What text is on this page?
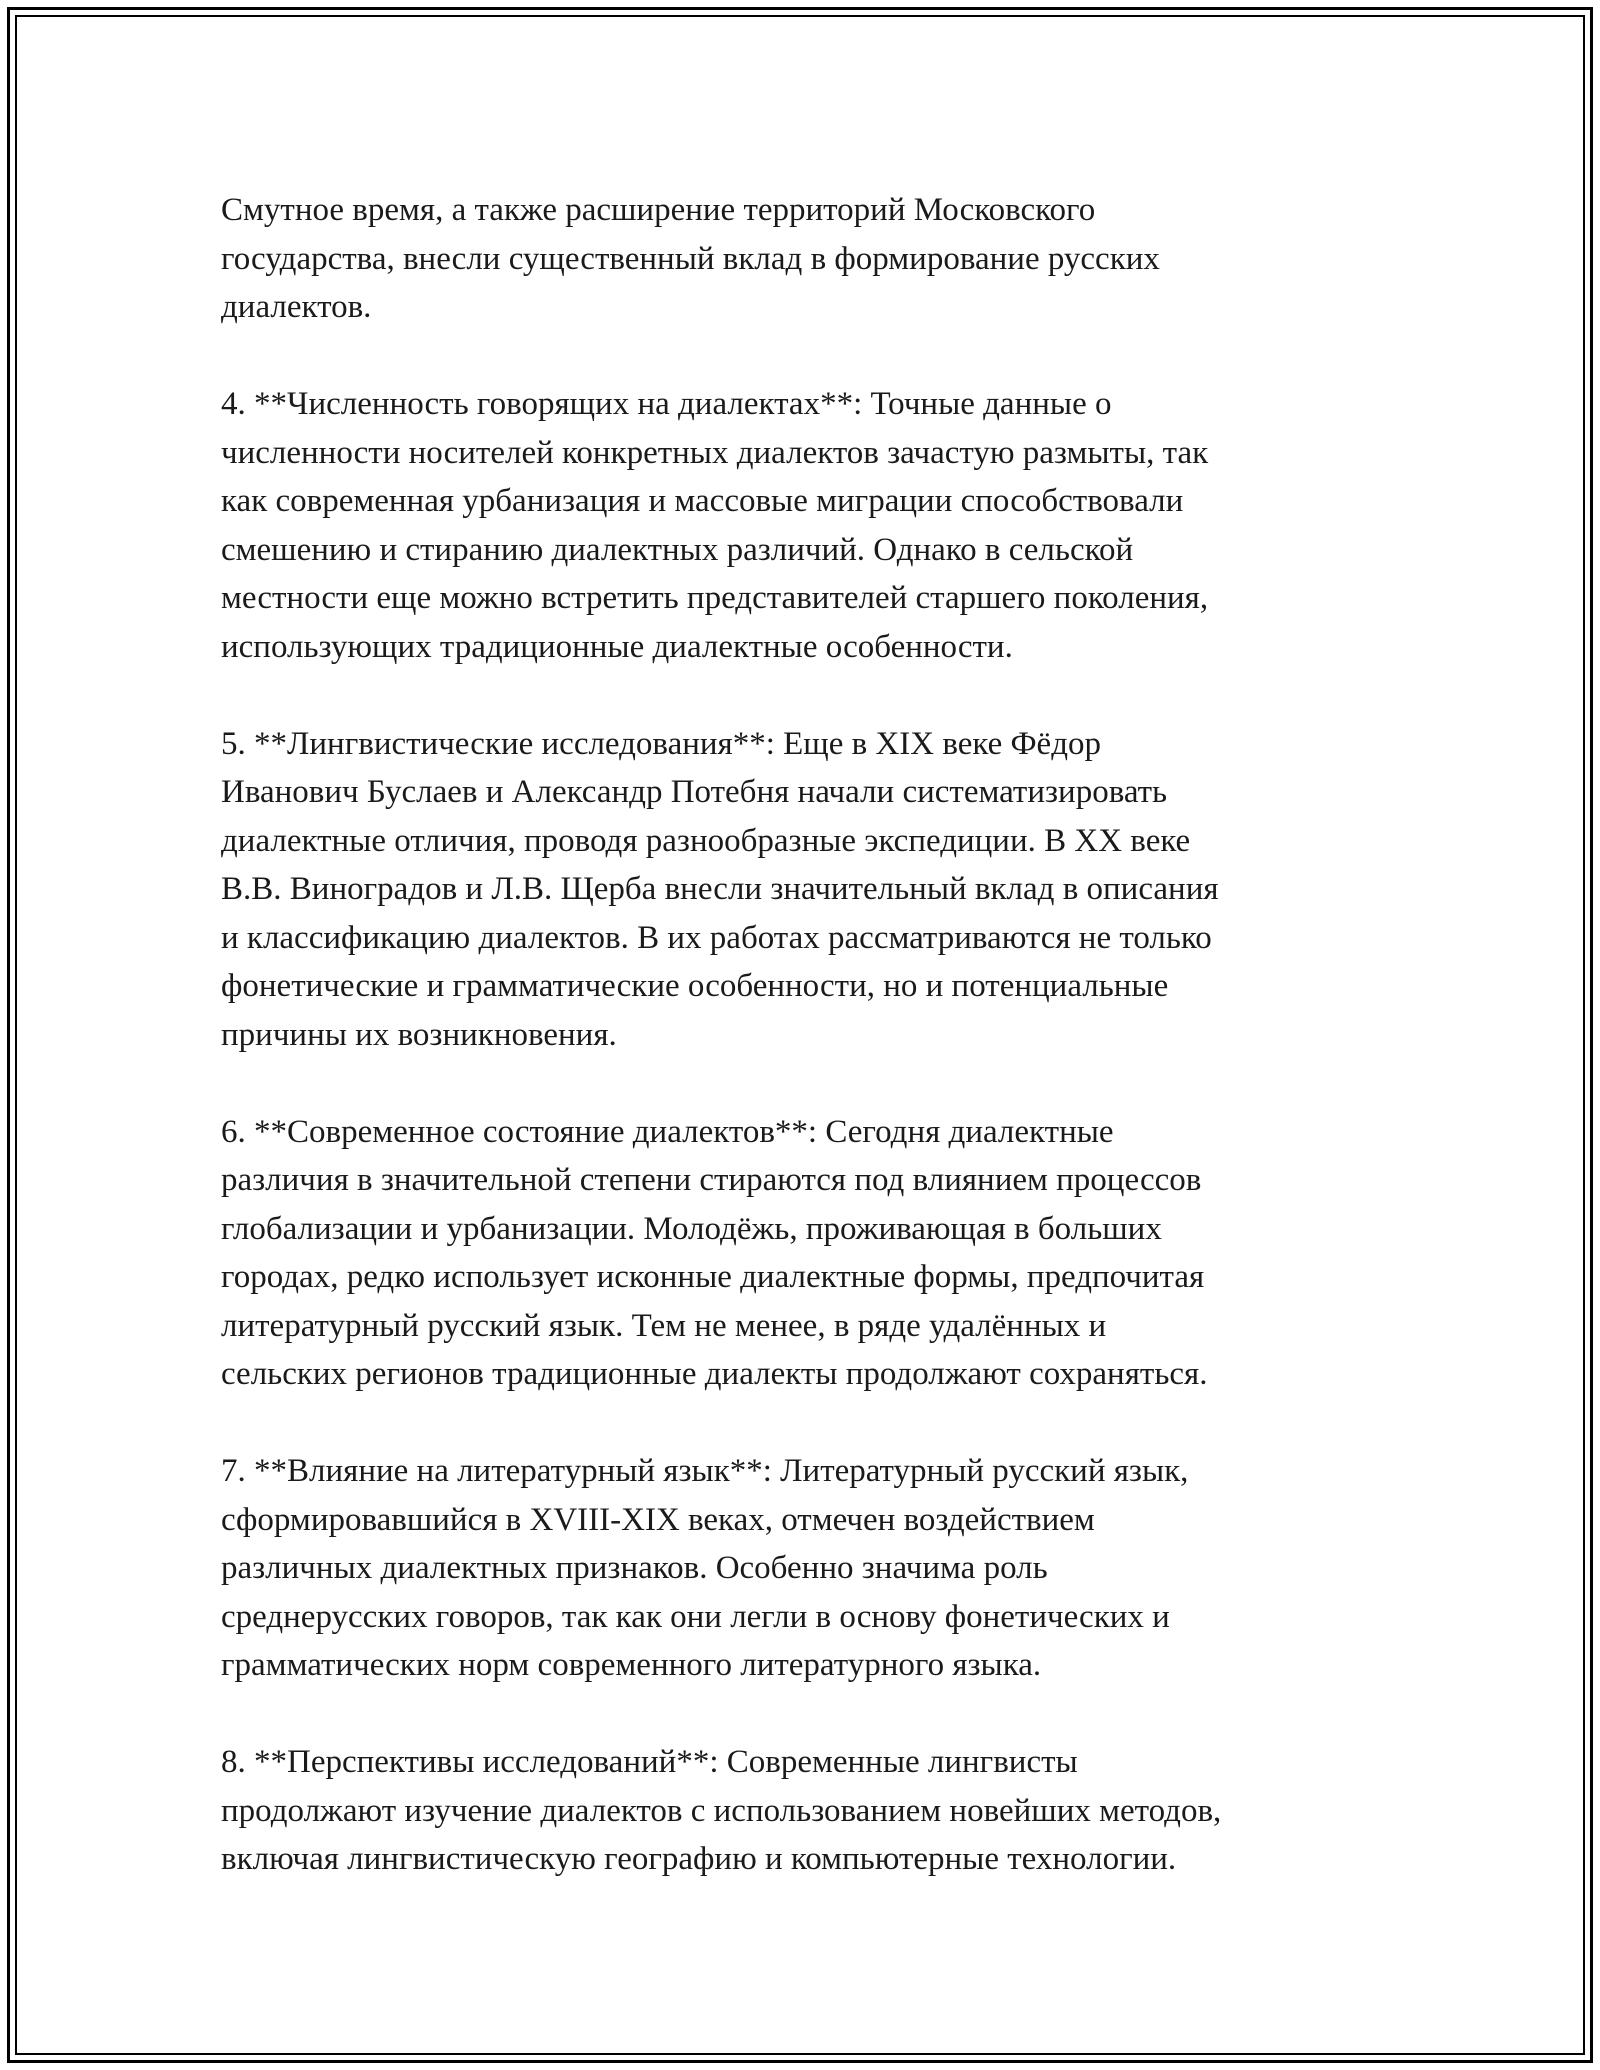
Смутное время, а также расширение территорий Московского
государства, внесли существенный вклад в формирование русских
диалектов.

4. **Численность говорящих на диалектах**: Точные данные о
численности носителей конкретных диалектов зачастую размыты, так
как современная урбанизация и массовые миграции способствовали
смешению и стиранию диалектных различий. Однако в сельской
местности еще можно встретить представителей старшего поколения,
использующих традиционные диалектные особенности.

5. **Лингвистические исследования**: Еще в XIX веке Фёдор
Иванович Буслаев и Александр Потебня начали систематизировать
диалектные отличия, проводя разнообразные экспедиции. В XX веке
В.В. Виноградов и Л.В. Щерба внесли значительный вклад в описания
и классификацию диалектов. В их работах рассматриваются не только
фонетические и грамматические особенности, но и потенциальные
причины их возникновения.

6. **Современное состояние диалектов**: Сегодня диалектные
различия в значительной степени стираются под влиянием процессов
глобализации и урбанизации. Молодёжь, проживающая в больших
городах, редко использует исконные диалектные формы, предпочитая
литературный русский язык. Тем не менее, в ряде удалённых и
сельских регионов традиционные диалекты продолжают сохраняться.

7. **Влияние на литературный язык**: Литературный русский язык,
сформировавшийся в XVIII-XIX веках, отмечен воздействием
различных диалектных признаков. Особенно значима роль
среднерусских говоров, так как они легли в основу фонетических и
грамматических норм современного литературного языка.

8. **Перспективы исследований**: Современные лингвисты
продолжают изучение диалектов с использованием новейших методов,
включая лингвистическую географию и компьютерные технологии.
